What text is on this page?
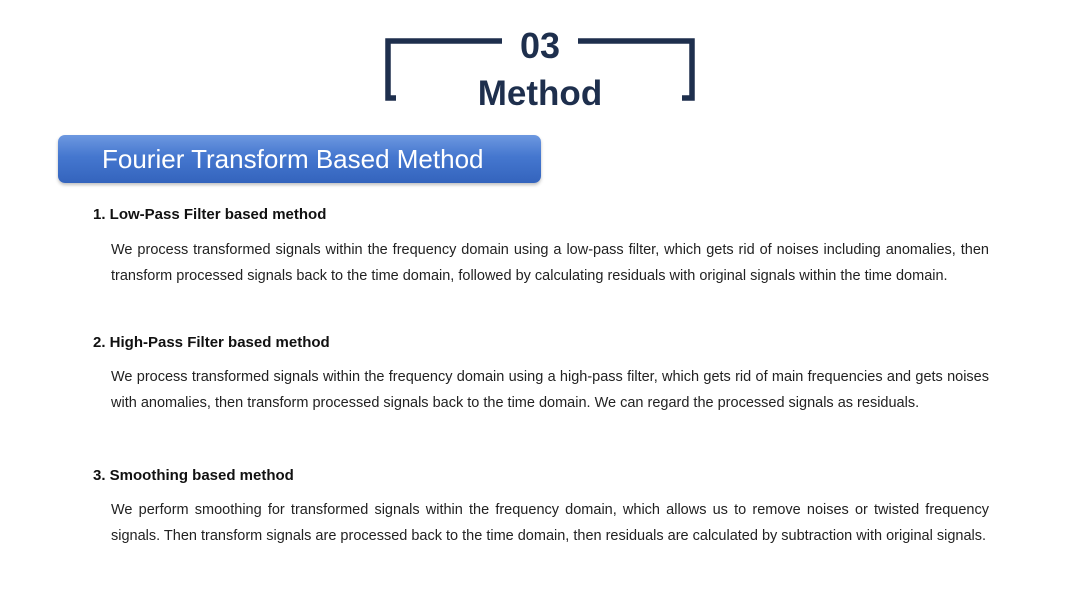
03
Method
Fourier Transform Based Method
1. Low-Pass Filter based method
We process transformed signals within the frequency domain using a low-pass filter, which gets rid of noises including anomalies, then transform processed signals back to the time domain, followed by calculating residuals with original signals within the time domain.
2. High-Pass Filter based method
We process transformed signals within the frequency domain using a high-pass filter, which gets rid of main frequencies and gets noises with anomalies, then transform processed signals back to the time domain. We can regard the processed signals as residuals.
3. Smoothing based method
We perform smoothing for transformed signals within the frequency domain, which allows us to remove noises or twisted frequency signals. Then transform signals are processed back to the time domain, then residuals are calculated by subtraction with original signals.
